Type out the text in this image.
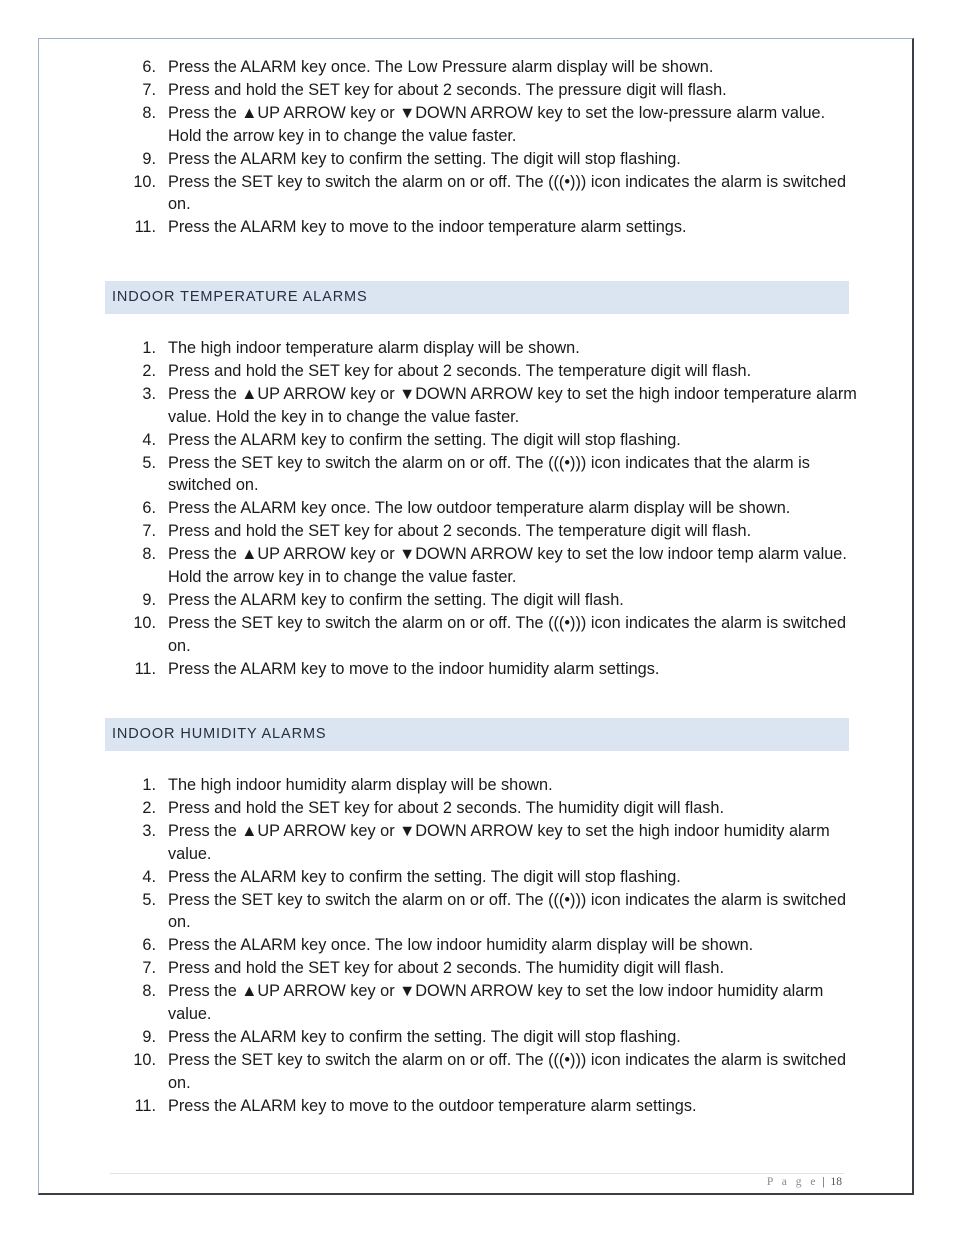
6. Press the ALARM key once. The Low Pressure alarm display will be shown.
7. Press and hold the SET key for about 2 seconds. The pressure digit will flash.
8. Press the ▲UP ARROW key or ▼DOWN ARROW key to set the low-pressure alarm value. Hold the arrow key in to change the value faster.
9. Press the ALARM key to confirm the setting. The digit will stop flashing.
10. Press the SET key to switch the alarm on or off. The (((•))) icon indicates the alarm is switched on.
11. Press the ALARM key to move to the indoor temperature alarm settings.
INDOOR TEMPERATURE ALARMS
1. The high indoor temperature alarm display will be shown.
2. Press and hold the SET key for about 2 seconds. The temperature digit will flash.
3. Press the ▲UP ARROW key or ▼DOWN ARROW key to set the high indoor temperature alarm value. Hold the key in to change the value faster.
4. Press the ALARM key to confirm the setting. The digit will stop flashing.
5. Press the SET key to switch the alarm on or off. The (((•))) icon indicates that the alarm is switched on.
6. Press the ALARM key once. The low outdoor temperature alarm display will be shown.
7. Press and hold the SET key for about 2 seconds. The temperature digit will flash.
8. Press the ▲UP ARROW key or ▼DOWN ARROW key to set the low indoor temp alarm value. Hold the arrow key in to change the value faster.
9. Press the ALARM key to confirm the setting. The digit will flash.
10. Press the SET key to switch the alarm on or off. The (((•))) icon indicates the alarm is switched on.
11. Press the ALARM key to move to the indoor humidity alarm settings.
INDOOR HUMIDITY ALARMS
1. The high indoor humidity alarm display will be shown.
2. Press and hold the SET key for about 2 seconds. The humidity digit will flash.
3. Press the ▲UP ARROW key or ▼DOWN ARROW key to set the high indoor humidity alarm value.
4. Press the ALARM key to confirm the setting. The digit will stop flashing.
5. Press the SET key to switch the alarm on or off. The (((•))) icon indicates the alarm is switched on.
6. Press the ALARM key once. The low indoor humidity alarm display will be shown.
7. Press and hold the SET key for about 2 seconds. The humidity digit will flash.
8. Press the ▲UP ARROW key or ▼DOWN ARROW key to set the low indoor humidity alarm value.
9. Press the ALARM key to confirm the setting. The digit will stop flashing.
10. Press the SET key to switch the alarm on or off. The (((•))) icon indicates the alarm is switched on.
11. Press the ALARM key to move to the outdoor temperature alarm settings.
P a g e | 18
